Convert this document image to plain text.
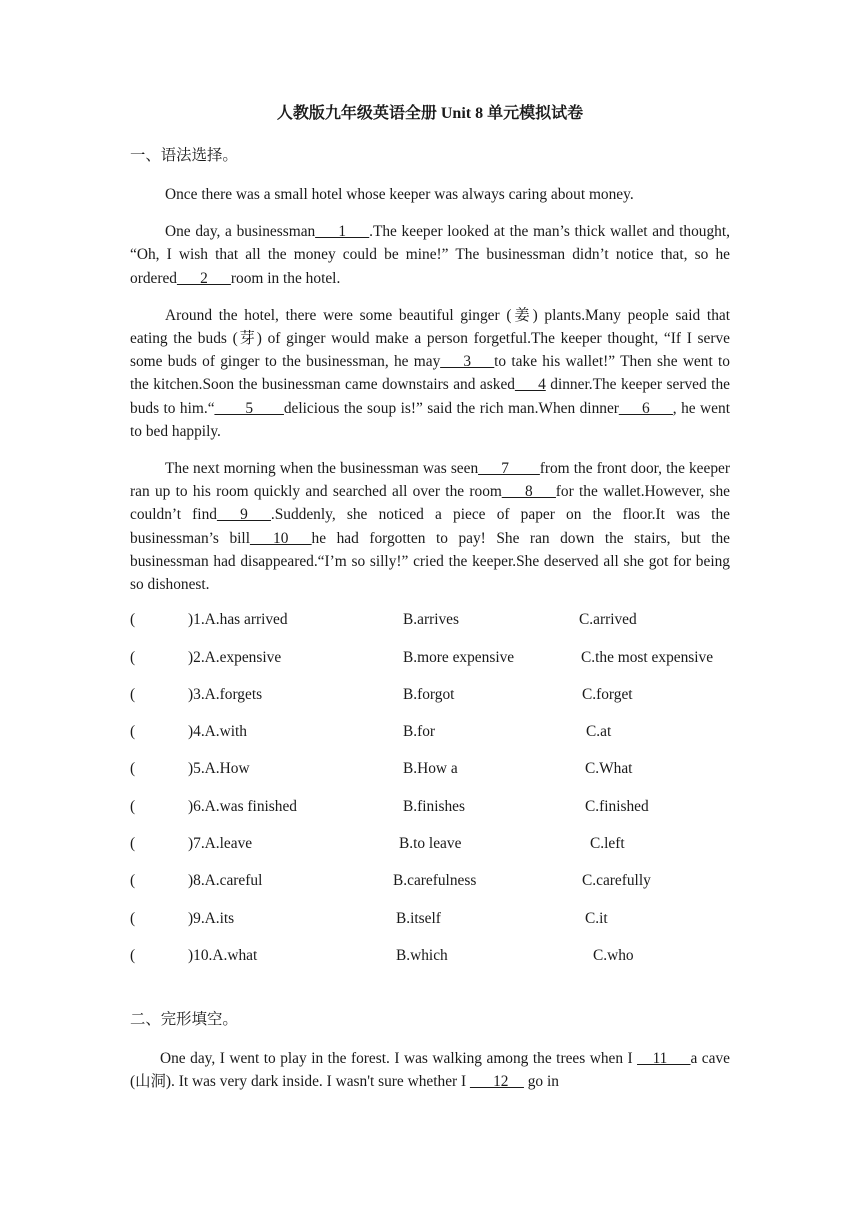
人教版九年级英语全册 Unit 8 单元模拟试卷
一、语法选择。

Once there was a small hotel whose keeper was always caring about money.

One day, a businessman___1___.The keeper looked at the man’s thick wallet and thought, “Oh, I wish that all the money could be mine!” The businessman didn’t notice that, so he ordered___2___room in the hotel.

Around the hotel, there were some beautiful ginger (姜) plants.Many people said that eating the buds (芽) of ginger would make a person forgetful.The keeper thought, “If I serve some buds of ginger to the businessman, he may___3___to take his wallet!” Then she went to the kitchen.Soon the businessman came downstairs and asked___4 dinner.The keeper served the buds to him.“____5____delicious the soup is!” said the rich man.When dinner___6___, he went to bed happily.

The next morning when the businessman was seen___7____from the front door, the keeper ran up to his room quickly and searched all over the room___8___for the wallet.However, she couldn’t find___9___.Suddenly, she noticed a piece of paper on the floor.It was the businessman’s bill___10___he had forgotten to pay! She ran down the stairs, but the businessman had disappeared.“I’m so silly!” cried the keeper.She deserved all she got for being so dishonest.

(	)1.A.has arrived	B.arrives	C.arrived
(	)2.A.expensive	B.more expensive	C.the most expensive
(	)3.A.forgets	B.forgot	C.forget
(	)4.A.with	B.for	C.at
(	)5.A.How	B.How a	C.What
(	)6.A.was finished	B.finishes	C.finished
(	)7.A.leave	B.to leave	C.left
(	)8.A.careful	B.carefulness	C.carefully
(	)9.A.its	B.itself	C.it
(	)10.A.what	B.which	C.who
二、完形填空。

One day, I went to play in the forest. I was walking among the trees when I __11___a cave (山洞). It was very dark inside. I wasn't sure whether I ___12__ go in
